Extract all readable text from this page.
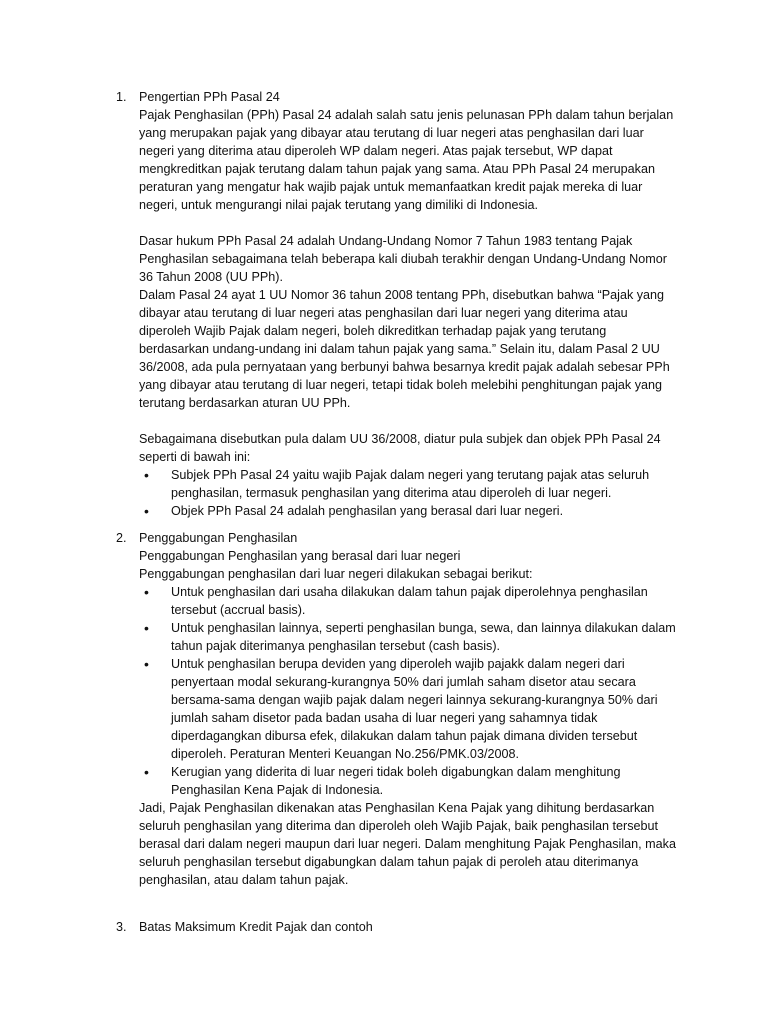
1. Pengertian PPh Pasal 24

Pajak Penghasilan (PPh) Pasal 24 adalah salah satu jenis pelunasan PPh dalam tahun berjalan yang merupakan pajak yang dibayar atau terutang di luar negeri atas penghasilan dari luar negeri yang diterima atau diperoleh WP dalam negeri. Atas pajak tersebut, WP dapat mengkreditkan pajak terutang dalam tahun pajak yang sama. Atau PPh Pasal 24 merupakan peraturan yang mengatur hak wajib pajak untuk memanfaatkan kredit pajak mereka di luar negeri, untuk mengurangi nilai pajak terutang yang dimiliki di Indonesia.

Dasar hukum PPh Pasal 24 adalah Undang-Undang Nomor 7 Tahun 1983 tentang Pajak Penghasilan sebagaimana telah beberapa kali diubah terakhir dengan Undang-Undang Nomor 36 Tahun 2008 (UU PPh).

Dalam Pasal 24 ayat 1 UU Nomor 36 tahun 2008 tentang PPh, disebutkan bahwa “Pajak yang dibayar atau terutang di luar negeri atas penghasilan dari luar negeri yang diterima atau diperoleh Wajib Pajak dalam negeri, boleh dikreditkan terhadap pajak yang terutang berdasarkan undang-undang ini dalam tahun pajak yang sama.” Selain itu, dalam Pasal 2 UU 36/2008, ada pula pernyataan yang berbunyi bahwa besarnya kredit pajak adalah sebesar PPh yang dibayar atau terutang di luar negeri, tetapi tidak boleh melebihi penghitungan pajak yang terutang berdasarkan aturan UU PPh.

Sebagaimana disebutkan pula dalam UU 36/2008, diatur pula subjek dan objek PPh Pasal 24 seperti di bawah ini:

• Subjek PPh Pasal 24 yaitu wajib Pajak dalam negeri yang terutang pajak atas seluruh penghasilan, termasuk penghasilan yang diterima atau diperoleh di luar negeri.
• Objek PPh Pasal 24 adalah penghasilan yang berasal dari luar negeri.
2. Penggabungan Penghasilan

Penggabungan Penghasilan yang berasal dari luar negeri

Penggabungan penghasilan dari luar negeri dilakukan sebagai berikut:

• Untuk penghasilan dari usaha dilakukan dalam tahun pajak diperolehnya penghasilan tersebut (accrual basis).
• Untuk penghasilan lainnya, seperti penghasilan bunga, sewa, dan lainnya dilakukan dalam tahun pajak diterimanya penghasilan tersebut (cash basis).
• Untuk penghasilan berupa deviden yang diperoleh wajib pajakk dalam negeri dari penyertaan modal sekurang-kurangnya 50% dari jumlah saham disetor atau secara bersama-sama dengan wajib pajak dalam negeri lainnya sekurang-kurangnya 50% dari jumlah saham disetor pada badan usaha di luar negeri yang sahamnya tidak diperdagangkan dibursa efek, dilakukan dalam tahun pajak dimana dividen tersebut diperoleh. Peraturan Menteri Keuangan No.256/PMK.03/2008.
• Kerugian yang diderita di luar negeri tidak boleh digabungkan dalam menghitung Penghasilan Kena Pajak di Indonesia.

Jadi, Pajak Penghasilan dikenakan atas Penghasilan Kena Pajak yang dihitung berdasarkan seluruh penghasilan yang diterima dan diperoleh oleh Wajib Pajak, baik penghasilan tersebut berasal dari dalam negeri maupun dari luar negeri. Dalam menghitung Pajak Penghasilan, maka seluruh penghasilan tersebut digabungkan dalam tahun pajak di peroleh atau diterimanya penghasilan, atau dalam tahun pajak.

3. Batas Maksimum Kredit Pajak dan contoh
